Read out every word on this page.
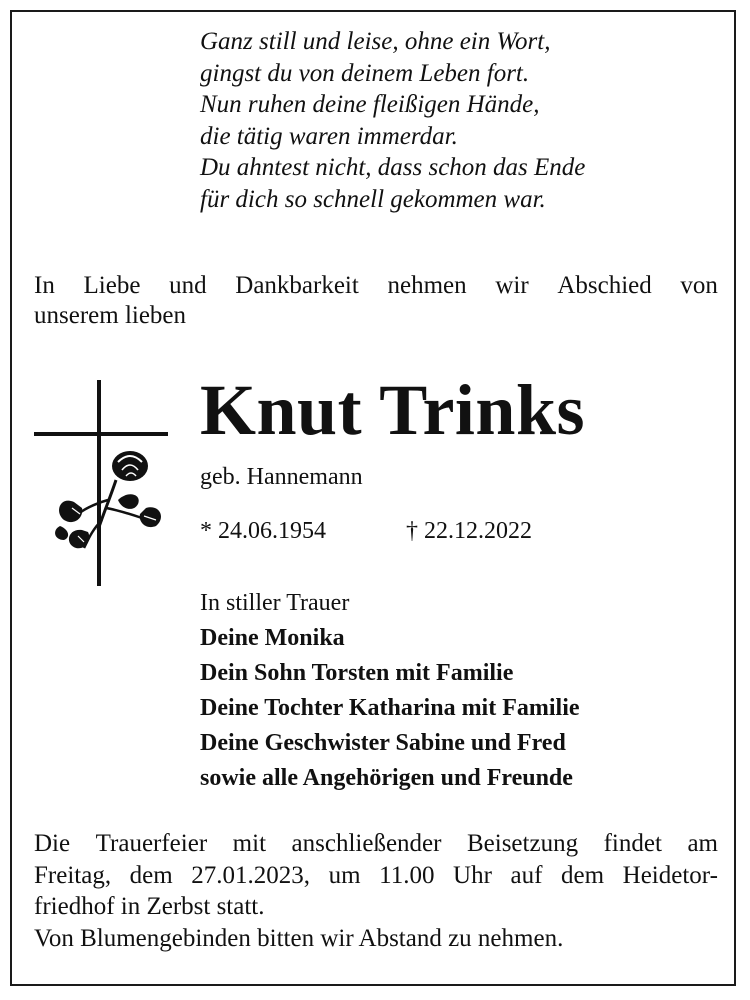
Ganz still und leise, ohne ein Wort,
gingst du von deinem Leben fort.
Nun ruhen deine fleißigen Hände,
die tätig waren immerdar.
Du ahntest nicht, dass schon das Ende
für dich so schnell gekommen war.
In Liebe und Dankbarkeit nehmen wir Abschied von
unserem lieben
Knut Trinks
geb. Hannemann
* 24.06.1954	† 22.12.2022
In stiller Trauer
Deine Monika
Dein Sohn Torsten mit Familie
Deine Tochter Katharina mit Familie
Deine Geschwister Sabine und Fred
sowie alle Angehörigen und Freunde
Die Trauerfeier mit anschließender Beisetzung findet am
Freitag, dem 27.01.2023, um 11.00 Uhr auf dem Heidetor-
friedhof in Zerbst statt.
Von Blumengebinden bitten wir Abstand zu nehmen.
